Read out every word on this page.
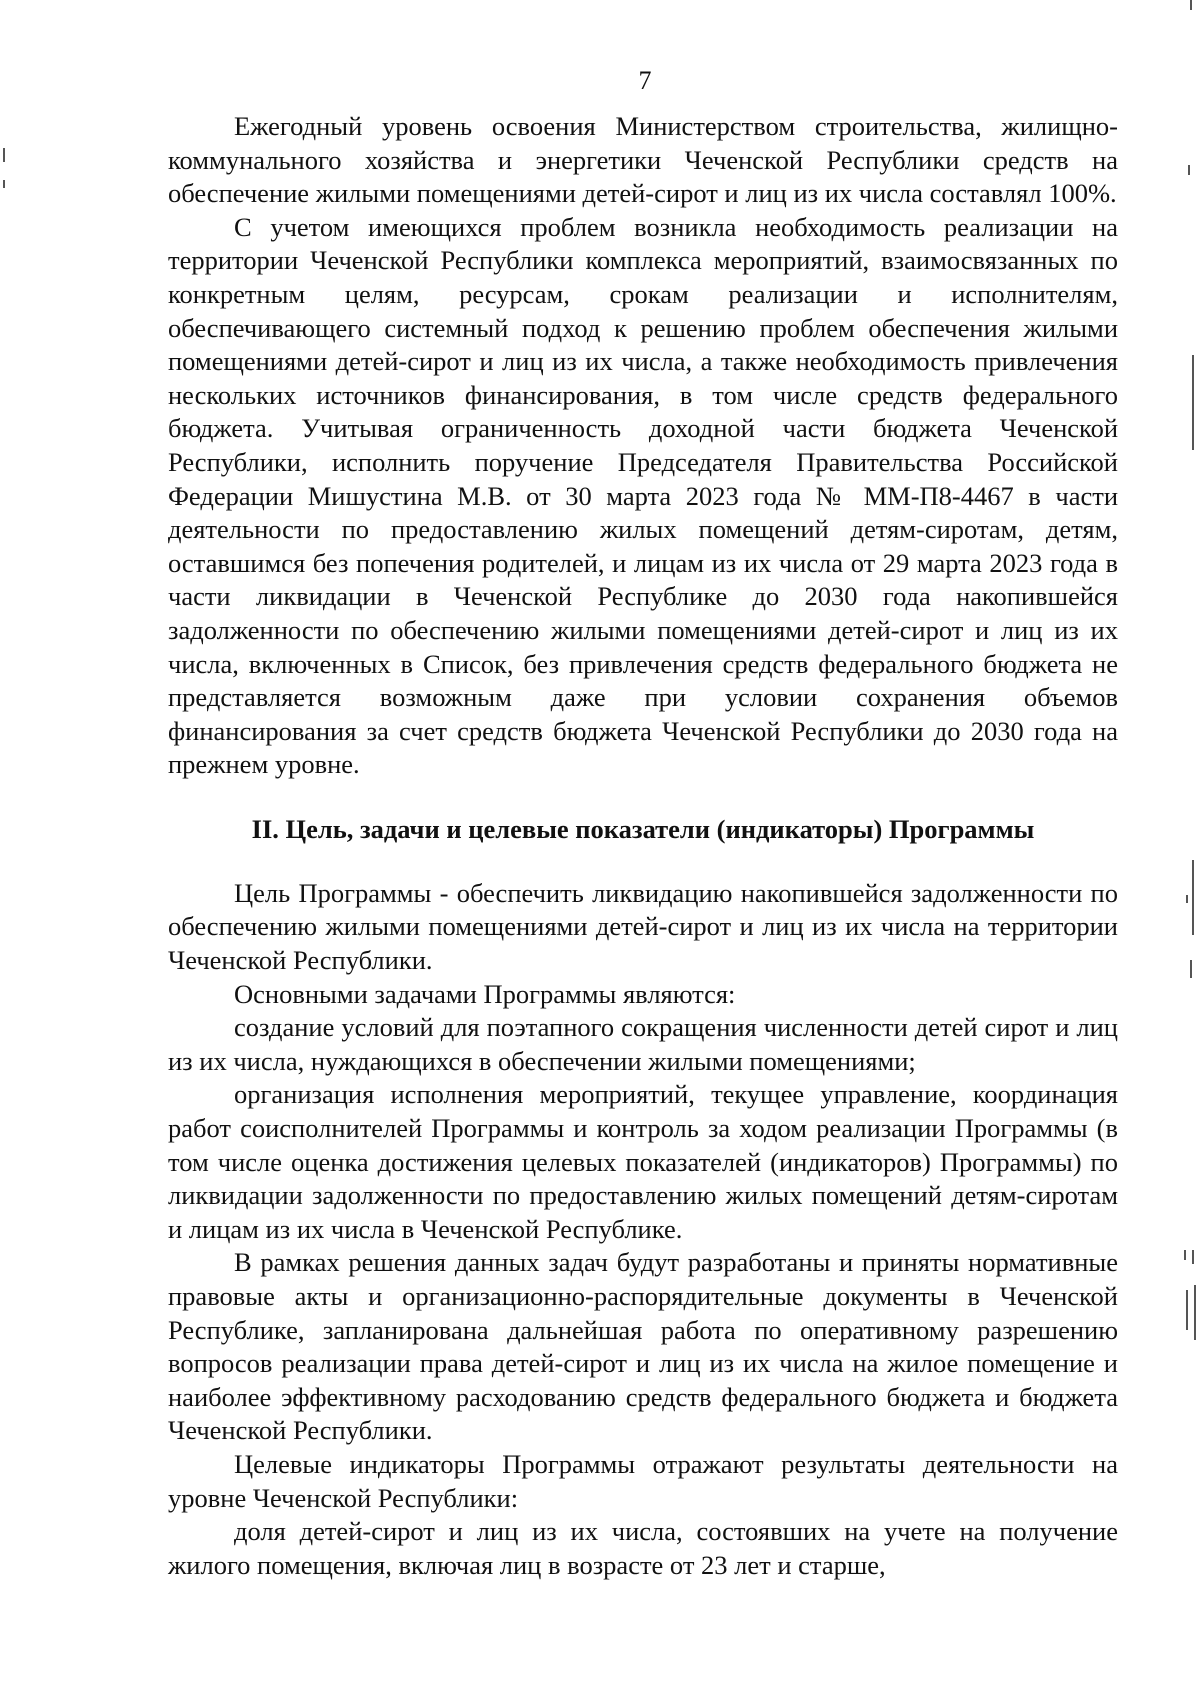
7

Ежегодный уровень освоения Министерством строительства, жилищно-коммунального хозяйства и энергетики Чеченской Республики средств на обеспечение жилыми помещениями детей-сирот и лиц из их числа составлял 100%.

С учетом имеющихся проблем возникла необходимость реализации на территории Чеченской Республики комплекса мероприятий, взаимосвязанных по конкретным целям, ресурсам, срокам реализации и исполнителям, обеспечивающего системный подход к решению проблем обеспечения жилыми помещениями детей-сирот и лиц из их числа, а также необходимость привлечения нескольких источников финансирования, в том числе средств федерального бюджета. Учитывая ограниченность доходной части бюджета Чеченской Республики, исполнить поручение Председателя Правительства Российской Федерации Мишустина М.В. от 30 марта 2023 года № ММ-П8-4467 в части деятельности по предоставлению жилых помещений детям-сиротам, детям, оставшимся без попечения родителей, и лицам из их числа от 29 марта 2023 года в части ликвидации в Чеченской Республике до 2030 года накопившейся задолженности по обеспечению жилыми помещениями детей-сирот и лиц из их числа, включенных в Список, без привлечения средств федерального бюджета не представляется возможным даже при условии сохранения объемов финансирования за счет средств бюджета Чеченской Республики до 2030 года на прежнем уровне.

II. Цель, задачи и целевые показатели (индикаторы) Программы

Цель Программы - обеспечить ликвидацию накопившейся задолженности по обеспечению жилыми помещениями детей-сирот и лиц из их числа на территории Чеченской Республики.

Основными задачами Программы являются:

создание условий для поэтапного сокращения численности детей сирот и лиц из их числа, нуждающихся в обеспечении жилыми помещениями;

организация исполнения мероприятий, текущее управление, координация работ соисполнителей Программы и контроль за ходом реализации Программы (в том числе оценка достижения целевых показателей (индикаторов) Программы) по ликвидации задолженности по предоставлению жилых помещений детям-сиротам и лицам из их числа в Чеченской Республике.

В рамках решения данных задач будут разработаны и приняты нормативные правовые акты и организационно-распорядительные документы в Чеченской Республике, запланирована дальнейшая работа по оперативному разрешению вопросов реализации права детей-сирот и лиц из их числа на жилое помещение и наиболее эффективному расходованию средств федерального бюджета и бюджета Чеченской Республики.

Целевые индикаторы Программы отражают результаты деятельности на уровне Чеченской Республики:

доля детей-сирот и лиц из их числа, состоявших на учете на получение жилого помещения, включая лиц в возрасте от 23 лет и старше,
